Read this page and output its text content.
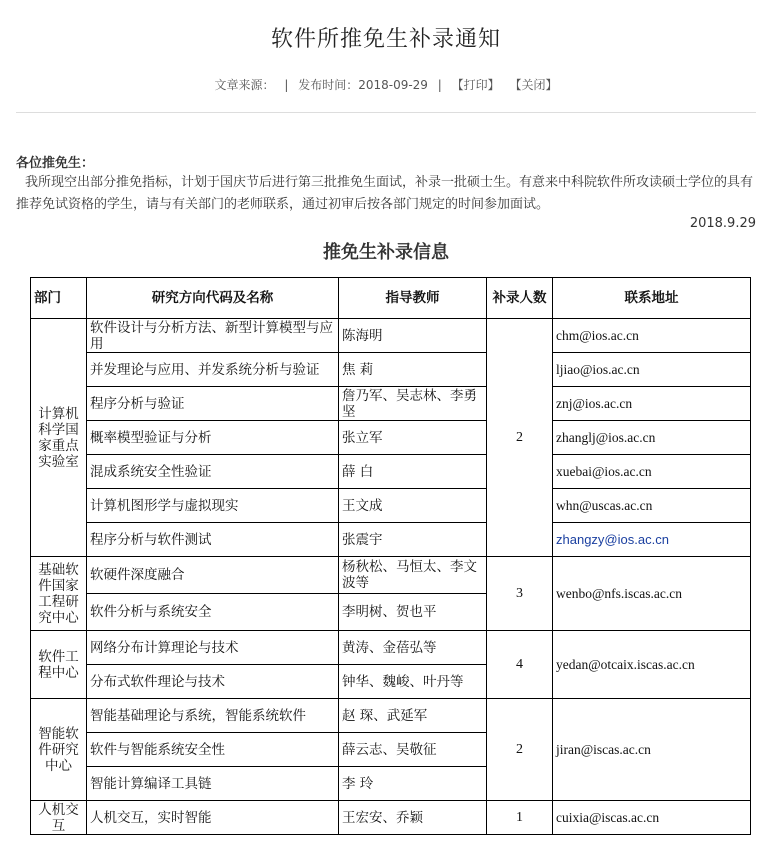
软件所推免生补录通知
文章来源： | 发布时间：2018-09-29 | 【打印】 【关闭】
各位推免生：
我所现空出部分推免指标，计划于国庆节后进行第三批推免生面试，补录一批硕士生。有意来中科院软件所攻读硕士学位的具有推荐免试资格的学生，请与有关部门的老师联系，通过初审后按各部门规定的时间参加面试。
2018.9.29
推免生补录信息
部门	研究方向代码及名称	指导教师	补录人数	联系地址
计算机科学国家重点实验室	软件设计与分析方法、新型计算模型与应用	陈海明	2	chm@ios.ac.cn
	并发理论与应用、并发系统分析与验证	焦 莉		ljiao@ios.ac.cn
	程序分析与验证	詹乃军、吴志林、李勇坚		znj@ios.ac.cn
	概率模型验证与分析	张立军		zhanglj@ios.ac.cn
	混成系统安全性验证	薛 白		xuebai@ios.ac.cn
	计算机图形学与虚拟现实	王文成		whn@uscas.ac.cn
	程序分析与软件测试	张震宇		zhangzy@ios.ac.cn
基础软件国家工程研究中心	软硬件深度融合	杨秋松、马恒太、李文波等	3	wenbo@nfs.iscas.ac.cn
	软件分析与系统安全	李明树、贺也平		
软件工程中心	网络分布计算理论与技术	黄涛、金蓓弘等	4	yedan@otcaix.iscas.ac.cn
	分布式软件理论与技术	钟华、魏峻、叶丹等		
智能软件研究中心	智能基础理论与系统，智能系统软件	赵 琛、武延军	2	jiran@iscas.ac.cn
	软件与智能系统安全性	薛云志、吴敬征		
	智能计算编译工具链	李 玲		
人机交互	人机交互，实时智能	王宏安、乔颖	1	cuixia@iscas.ac.cn
